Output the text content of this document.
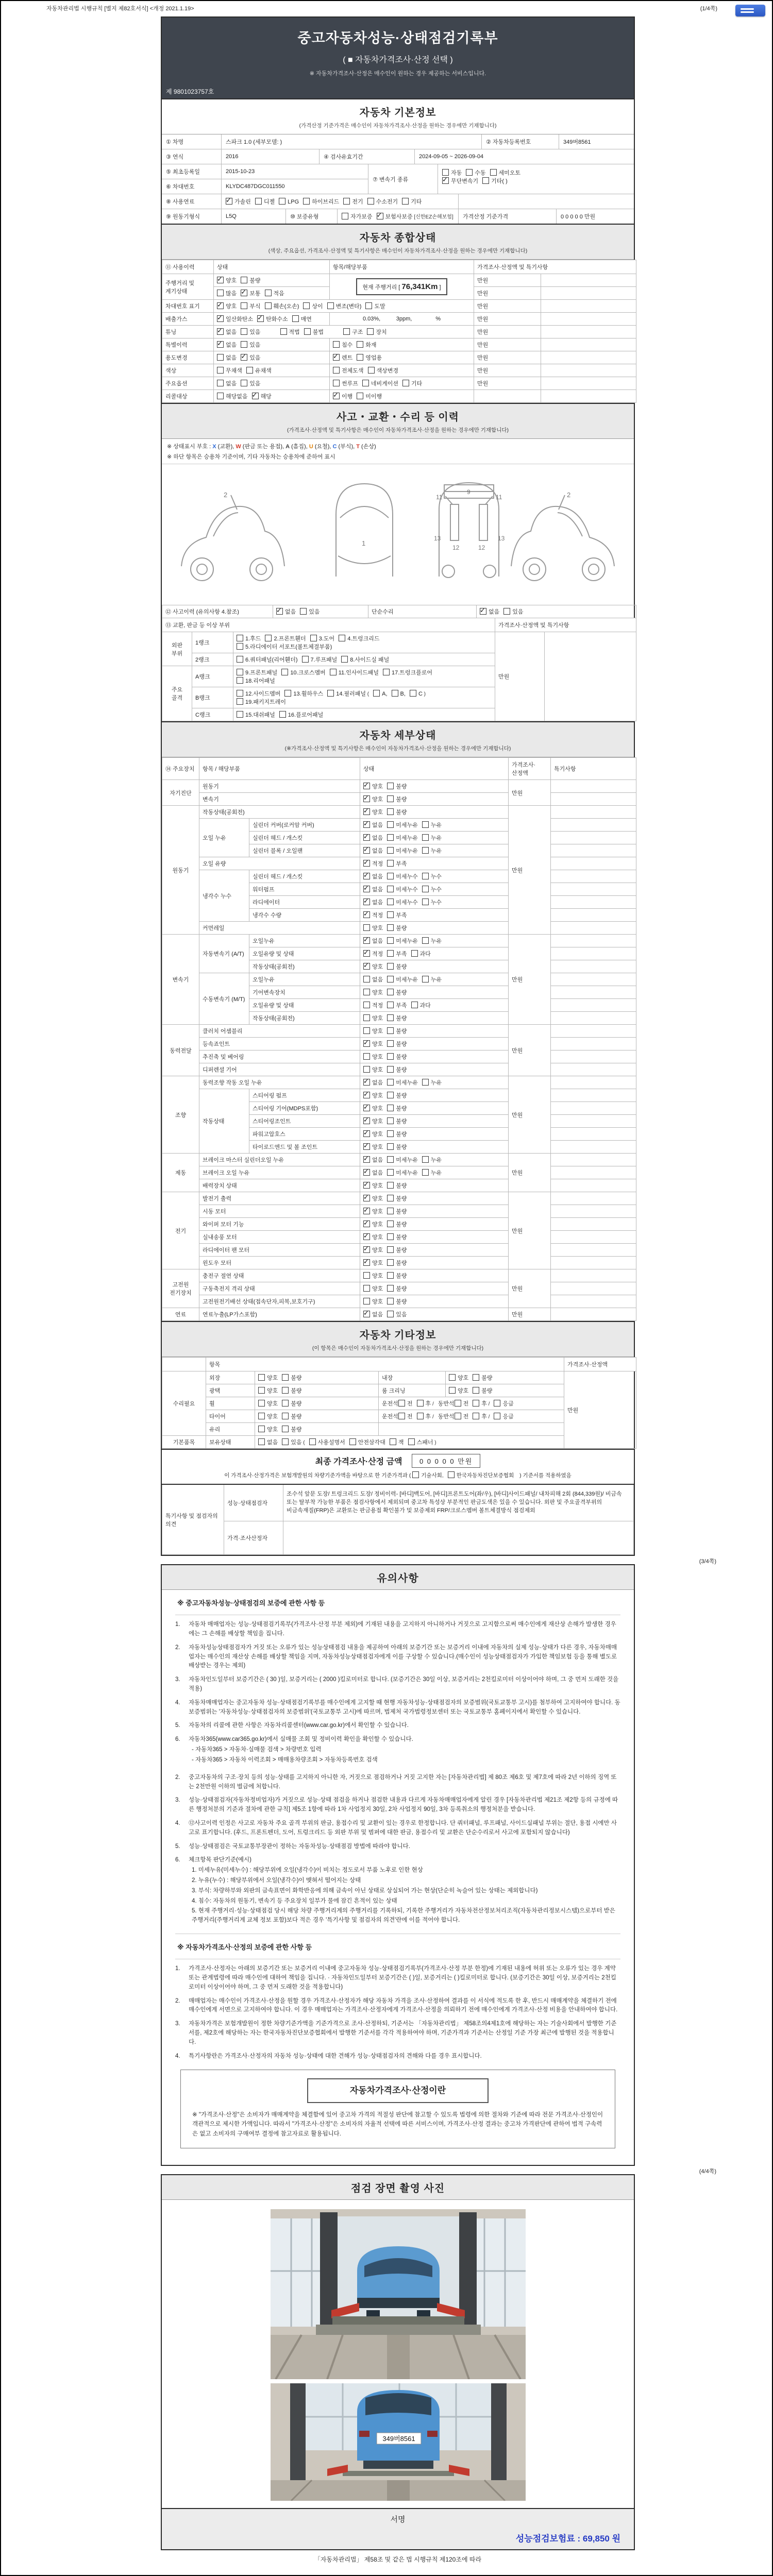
자동차관리법 시행규칙 [별지 제82호서식] <개정 2021.1.19>	(1/4쪽)
중고자동차성능·상태점검기록부
( ■ 자동차가격조사·산정 선택 )
※ 자동차가격조사·산정은 매수인이 원하는 경우 제공하는 서비스입니다.
제 9801023757호
자동차 기본정보
(가격산정 기준가격은 매수인이 자동차가격조사·산정을 원하는 경우에만 기재합니다)
① 차명	스파크 1.0 (세부모델: )	② 자동차등록번호	349버8561
③ 연식	2016	④ 검사유효기간	2024-09-05 ~ 2026-09-04
⑤ 최초등록일	2015-10-23
⑥ 차대번호	KLYDC487DGC011550
⑦ 변속기 종류
자동 수동 세미오토
✓무단변속기 기타( )
⑧ 사용연료 ✓	가솔린	디젤	LPG	하이브리드	전기	수소전기	기타
⑨ 원동기형식	L5Q	⑩ 보증유형	자가보증 ✓	보험사보증 [신한EZ손해보험]	가격산정 기준가격	0 0 0 0 0 만원
자동차 종합상태
(색상, 주요옵션, 가격조사·산정액 및 특기사항은 매수인이 자동차가격조사·산정을 원하는 경우에만 기재합니다)
⑪ 사용이력	상태	항목/해당부품	가격조사·산정액 및 특기사항	
주행거리 및 계기상태	✓양호 불량	현재 주행거리 [ 76,341Km ]	만원	
	많음 ✓ 보통 적음		만원	
차대번호 표기	✓양호 부식 훼손(오손) 상이 변조(변타) 도말		만원	
배출가스	✓일산화탄소 ✓ 탄화수소 매연	0.03%,          3ppm,               %	만원	
튜닝	✓없음 있음 적법 불법 구조 장치		만원	
특별이력	✓없음 있음	침수 화재	만원	
용도변경	없음 ✓ 있음	✓렌트 영업용	만원	
색상	무채색 유채색	전체도색 색상변경	만원	
주요옵션	없음 있음	썬루프 네비게이션 기타	만원	
리콜대상	해당없음 ✓ 해당	✓이행 미이행		
사고・교환・수리 등 이력
(가격조사·산정액 및 특기사항은 매수인이 자동차가격조사·산정을 원하는 경우에만 기재합니다)
※ 상태표시 부호 : X (교환), W (판금 또는 용접), A (흠집), U (요철), C (부식), T (손상)
※ 하단 항목은 승용차 기준이며, 기타 자동차는 승용차에 준하여 표시
2
1
11	11
9
13	13
12	12
2
⑫ 사고이력 (유의사항 4.참조)	✓없음 있음	단순수리	✓없음 있음
⑬ 교환, 판금 등 이상 부위			가격조사·산정액 및 특기사항	
외판 부위	1랭크	1.후드 2.프론트휀더 3.도어 4.트렁크리드
5.라디에이터 서포트(볼트체결부품)	만원	
	2랭크	6.쿼터패널(리어휀더) 7.루프패널 8.사이드실 패널		
주요 골격	A랭크	9.프론트패널 10.크로스멤버 11.인사이드패널 17.트렁크플로어
18.리어패널		
	B랭크	12.사이드멤버 13.휠하우스 14.필러패널 ( A, B, C )
19.패키지트레이		
	C랭크	15.대쉬패널 16.플로어패널		
자동차 세부상태
(※가격조사·산정액 및 특기사항은 매수인이 자동차가격조사·산정을 원하는 경우에만 기재합니다)
⑭ 주요장치	항목 / 해당부품		상태	가격조사·산정액	특기사항
자기진단	원동기	✓양호 불량	만원	
	변속기	✓양호 불량	
원동기	작동상태(공회전)	✓양호 불량	만원	
	오일 누유	실린더 커버(로커암 커버)	✓없음 미세누유 누유	
		실린더 헤드 / 개스킷	✓없음 미세누유 누유	
		실린더 블록 / 오일팬	✓없음 미세누유 누유	
	오일 유량	✓적정 부족	
	냉각수 누수	실린더 헤드 / 개스킷	✓없음 미세누수 누수	
		워터펌프	✓없음 미세누수 누수	
		라디에이터	✓없음 미세누수 누수	
		냉각수 수량	✓적정 부족	
	커먼레일		양호 불량		
변속기	자동변속기 (A/T)	오일누유	✓없음 미세누유 누유	만원	
		오일유량 및 상태	✓적정 부족 과다	
		작동상태(공회전)	✓양호 불량	
	수동변속기 (M/T)	오일누유	없음 미세누유 누유		
		기어변속장치	양호 불량		
		오일유량 및 상태	적정 부족 과다		
		작동상태(공회전)	양호 불량		
동력전달	클러치 어셈블리		양호 불량	만원	
	등속죠인트	✓양호 불량	
	추진축 및 베어링		양호 불량		
	디퍼렌셜 기어		양호 불량		
조향	동력조향 작동 오일 누유	✓없음 미세누유 누유	만원	
	작동상태	스티어링 펌프	✓양호 불량	
		스티어링 기어(MDPS포함)	✓양호 불량	
		스티어링조인트	✓양호 불량	
		파워고압호스	✓양호 불량	
		타이로드엔드 및 볼 조인트	✓양호 불량	
제동	브레이크 마스터 실린더오일 누유	✓없음 미세누유 누유	만원	
	브레이크 오일 누유	✓없음 미세누유 누유	
	배력장치 상태	✓양호 불량	
전기	발전기 출력	✓양호 불량	만원	
	시동 모터	✓양호 불량	
	와이퍼 모터 기능	✓양호 불량	
	실내송풍 모터	✓양호 불량	
	라디에이터 팬 모터	✓양호 불량	
	윈도우 모터	✓양호 불량	
고전원 전기장치	충전구 절연 상태		양호 불량	만원	
	구동축전지 격리 상태		양호 불량		
	고전원전기배선 상태(접속단자,피복,보호기구)		양호 불량		
연료	연료누출(LP가스포함)	✓없음 있음	만원	
자동차 기타정보
(이 항목은 매수인이 자동차가격조사·산정을 원하는 경우에만 기재합니다)
	항목				가격조사·산정액
수리필요	외장	양호 불량	내장	양호 불량	만원
	광택	양호 불량	룸 크리닝	양호 불량	
	휠	양호 불량	운전석 전 후 /동반석 전 후 / 응급		
	타이어	양호 불량	운전석 전 후 /동반석 전 후 / 응급		
	유리	양호 불량			
기본품목	보유상태	없음 있음 ( 사용설명서 안전삼각대 잭 스패너 )			
최종 가격조사·산정 금액	0 0 0 0 0 만원
이 가격조사·산정가격은 보험개발원의 차량기준가액을 바탕으로 한 기준가격과 ( 기술사회, 한국자동차진단보증협회 ) 기준서를 적용하였음
특기사항 및 점검자의 의견	성능·상태점검자	조수석 앞문 도장/ 트렁크리드 도장/ 정비이력- [바디]백도어, [바디]프론트도어(좌/우), [바디]사이드패널/ 내차피해 2회 (844,339원)/ 비금속 또는 탈부착 가능한 부품은 점검사항에서 제외되며 중고차 특성상 부분적인 판금도색은 있을 수 있습니다. 외판 및 주요골격부위의 비금속재질(FRP)은 교환또는 판금용접 확인불가 및 보증제외 FRP/크로스멤버 볼트체결방식 점검제외
	가격·조사산정자	
(3/4쪽)
유의사항
※ 중고자동차성능·상태점검의 보증에 관한 사항 등
1.	자동차 매매업자는 성능·상태점검기록부(가격조사·산정 부분 제외)에 기재된 내용을 고지하지 아니하거나 거짓으로 고지함으로써 매수인에게 재산상 손해가 발생한 경우에는 그 손해를 배상할 책임을 집니다.
2.	자동차성능상태점검자가 거짓 또는 오류가 있는 성능상태점검 내용을 제공하여 아래의 보증기간 또는 보증거리 이내에 자동차의 실제 성능·상태가 다른 경우, 자동차매매업자는 매수인의 재산상 손해를 배상할 책임을 지며, 자동차성능상태점검자에게 이를 구상할 수 있습니다.(매수인이 성능상태점검자가 가입한 책임보험 등을 통해 별도로 배상받는 경우는 제외)
3.	자동차인도일부터 보증기간은 ( 30 )일, 보증거리는 ( 2000 )킬로미터로 합니다. (보증기간은 30일 이상, 보증거리는 2천킬로미터 이상이어야 하며, 그 중 먼저 도래한 것을 적용)
4.	자동차매매업자는 중고자동차 성능·상태점검기록부를 매수인에게 고지할 때 현행 자동차성능·상태점검자의 보증범위(국토교통부 고시)를 첨부하여 고지하여야 합니다. 동 보증범위는 '자동차성능·상태점검자의 보증범위'(국토교통부 고시)에 따르며, 법제처 국가법령정보센터 또는 국토교통부 홈페이지에서 확인할 수 있습니다.
5.	자동차의 리콜에 관한 사항은 자동차리콜센터(www.car.go.kr)에서 확인할 수 있습니다.
6.	자동차365(www.car365.go.kr)에서 실매물 조회 및 정비이력 확인을 확인할 수 있습니다.
- 자동차365 > 자동차·실매물 검색 > 차량번호 입력
- 자동차365 > 자동차 이력조회 > 매매용차량조회 > 자동차등록번호 검색
2.	중고자동차의 구조·장치 등의 성능·상태를 고지하지 아니한 자, 거짓으로 점검하거나 거짓 고지한 자는 [자동차관리법] 제 80조 제6호 및 제7호에 따라 2년 이하의 징역 또는 2천만원 이하의 벌금에 처합니다.
3.	성능·상태점검자(자동차정비업자)가 거짓으로 성능·상태 점검을 하거나 점검한 내용과 다르게 자동차매매업자에게 알린 경우 [자동차관리법 제21조 제2항 등의 규정에 따른 행정처분의 기준과 절차에 관한 규칙] 제5조 1항에 따라 1차 사업정지 30일, 2차 사업정지 90일, 3차 등록취소의 행정처분을 받습니다.
4.	⑫사고이력 인정은 사고로 자동차 주요 골격 부위의 판금, 용접수리 및 교환이 있는 경우로 한정합니다. 단 쿼터패널, 루프패널, 사이드실패널 부위는 절단, 용접 시에만 사고로 표기합니다. (후드, 프론트펜더, 도어, 트렁크리드 등 외판 부위 및 범퍼에 대한 판금, 용접수리 및 교환은 단순수리로서 사고에 포함되지 않습니다)
5.	성능·상태점검은 국토교통부장관이 정하는 자동차성능·상태점검 방법에 따라야 합니다.
6.	체크항목 판단기준(예시)
1. 미세누유(미세누수) : 해당부위에 오일(냉각수)이 비치는 정도로서 부품 노후로 인한 현상
2. 누유(누수) : 해당부위에서 오일(냉각수)이 맺혀서 떨어지는 상태
3. 부식: 차량하부와 외판의 금속표면이 화학반응에 의해 금속이 아닌 상태로 상실되어 가는 현상(단순히 녹슬어 있는 상태는 제외합니다)
4. 침수: 자동차의 원동기, 변속기 등 주요장치 일부가 물에 잠긴 흔적이 있는 상태
5. 현재 주행거리·성능·상태점검 당시 해당 차량 주행거리계의 주행거리를 기록하되, 기록한 주행거리가 자동차전산정보처리조직(자동차관리정보시스템)으로부터 받은 주행거리(주행거리계 교체 정보 포함)보다 적은 경우 '특기사항 및 점검자의 의견'란에 이를 적어야 합니다.
※ 자동차가격조사·산정의 보증에 관한 사항 등
1.	가격조사·산정자는 아래의 보증기간 또는 보증거리 이내에 중고자동차 성능·상태점검기록부(가격조사·산정 부분 한정)에 기재된 내용에 허위 또는 오류가 있는 경우 계약 또는 관계법령에 따라 매수인에 대하여 책임을 집니다. · 자동차인도일부터 보증기간은 ( )일, 보증거리는 ( )킬로미터로 합니다. (보증기간은 30일 이상, 보증거리는 2천킬로미터 이상이어야 하며, 그 중 먼저 도래한 것을 적용합니다)
2.	매매업자는 매수인이 가격조사·산정을 원할 경우 가격조사·산정자가 해당 자동차 가격을 조사·산정하여 결과를 이 서식에 적도록 한 후, 반드시 매매계약을 체결하기 전에 매수인에게 서면으로 고지하여야 합니다. 이 경우 매매업자는 가격조사·산정자에게 가격조사·산정을 의뢰하기 전에 매수인에게 가격조사·산정 비용을 안내하여야 합니다.
3.	자동차가격은 보험개발원이 정한 차량기준가액을 기준가격으로 조사·산정하되, 기준서는 「자동차관리법」 제58조의4제1호에 해당하는 자는 기술사회에서 발행한 기준서를, 제2호에 해당하는 자는 한국자동차진단보증협회에서 발행한 기준서를 각각 적용하여야 하며, 기준가격과 기준서는 산정일 기준 가장 최근에 발행된 것을 적용합니다.
4.	특기사항란은 가격조사·산정자의 자동차 성능·상태에 대한 견해가 성능·상태점검자의 견해와 다를 경우 표시합니다.
자동차가격조사·산정이란
※ "가격조사·산정"은 소비자가 매매계약을 체결함에 있어 중고차 가격의 적절성 판단에 참고할 수 있도록 법령에 의한 절차와 기준에 따라 전문 가격조사·산정인이 객관적으로 제시한 가액입니다. 따라서 "가격조사·산정"은 소비자의 자율적 선택에 따른 서비스이며, 가격조사·산정 결과는 중고차 가격판단에 관하여 법적 구속력은 없고 소비자의 구매여부 결정에 참고자료로 활용됩니다.
(4/4쪽)
점검 장면 촬영 사진
349버8561
서명
성능점검보험료 : 69,850 원
「자동차관리법」 제58조 및 같은 법 시행규칙 제120조에 따라
